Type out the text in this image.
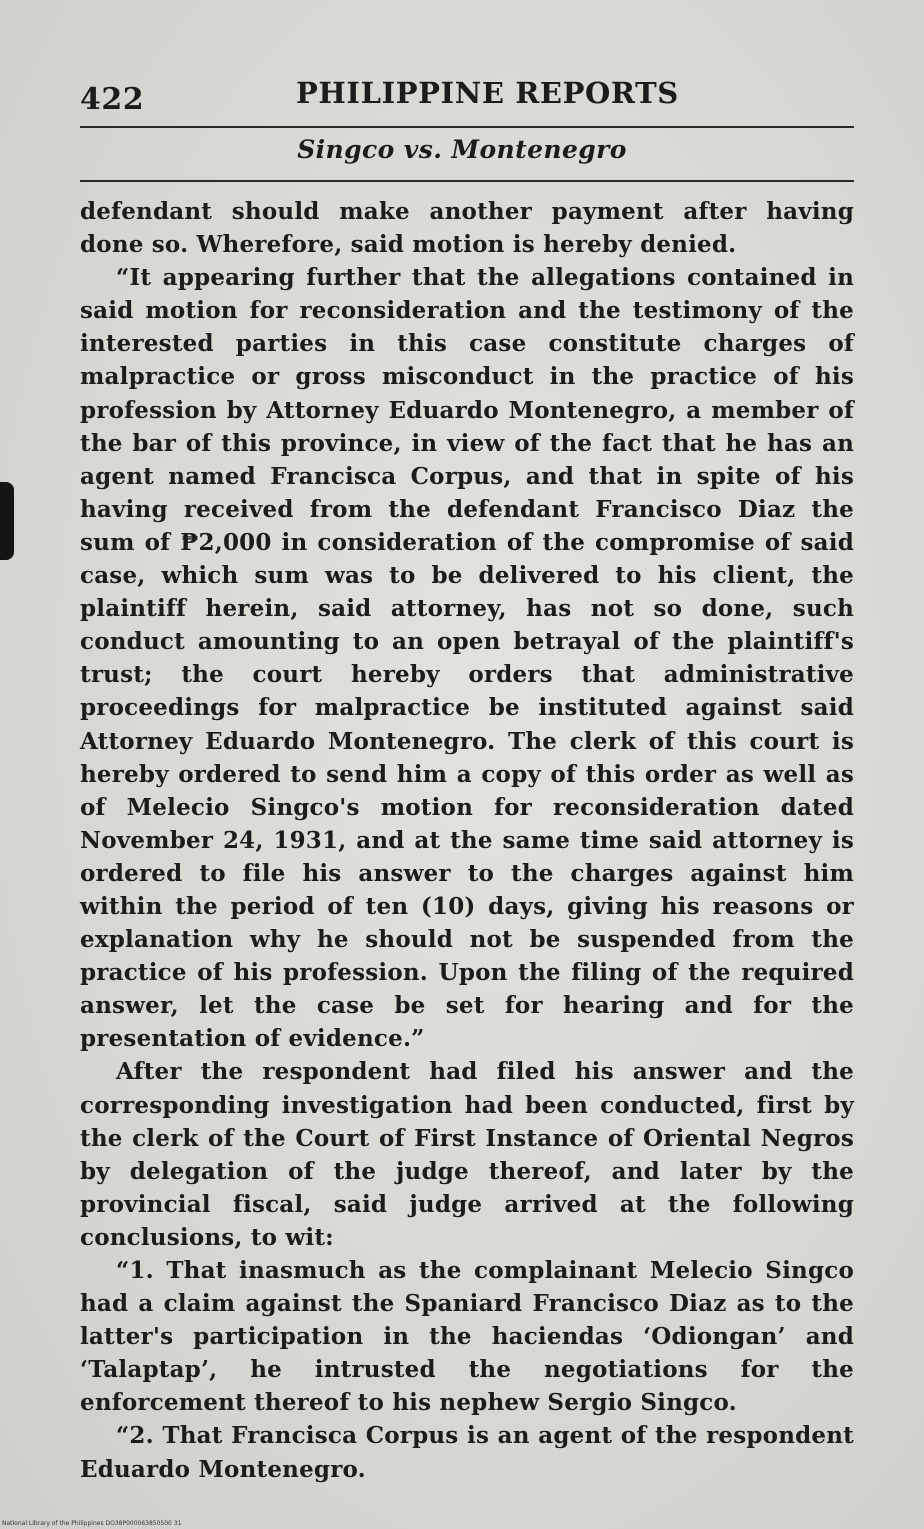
422	PHILIPPINE REPORTS
Singco vs. Montenegro

defendant should make another payment after having done so. Wherefore, said motion is hereby denied.

“It appearing further that the allegations contained in said motion for reconsideration and the testimony of the interested parties in this case constitute charges of malpractice or gross misconduct in the practice of his profession by Attorney Eduardo Montenegro, a member of the bar of this province, in view of the fact that he has an agent named Francisca Corpus, and that in spite of his having received from the defendant Francisco Diaz the sum of ₱2,000 in consideration of the compromise of said case, which sum was to be delivered to his client, the plaintiff herein, said attorney, has not so done, such conduct amounting to an open betrayal of the plaintiff's trust; the court hereby orders that administrative proceedings for malpractice be instituted against said Attorney Eduardo Montenegro. The clerk of this court is hereby ordered to send him a copy of this order as well as of Melecio Singco's motion for reconsideration dated November 24, 1931, and at the same time said attorney is ordered to file his answer to the charges against him within the period of ten (10) days, giving his reasons or explanation why he should not be suspended from the practice of his profession. Upon the filing of the required answer, let the case be set for hearing and for the presentation of evidence.”

After the respondent had filed his answer and the corresponding investigation had been conducted, first by the clerk of the Court of First Instance of Oriental Negros by delegation of the judge thereof, and later by the provincial fiscal, said judge arrived at the following conclusions, to wit:

“1. That inasmuch as the complainant Melecio Singco had a claim against the Spaniard Francisco Diaz as to the latter's participation in the haciendas ‘Odiongan’ and ‘Talaptap’, he intrusted the negotiations for the enforcement thereof to his nephew Sergio Singco.

“2. That Francisca Corpus is an agent of the respondent Eduardo Montenegro.

National Library of the Philippines DO38P000063850500 31
